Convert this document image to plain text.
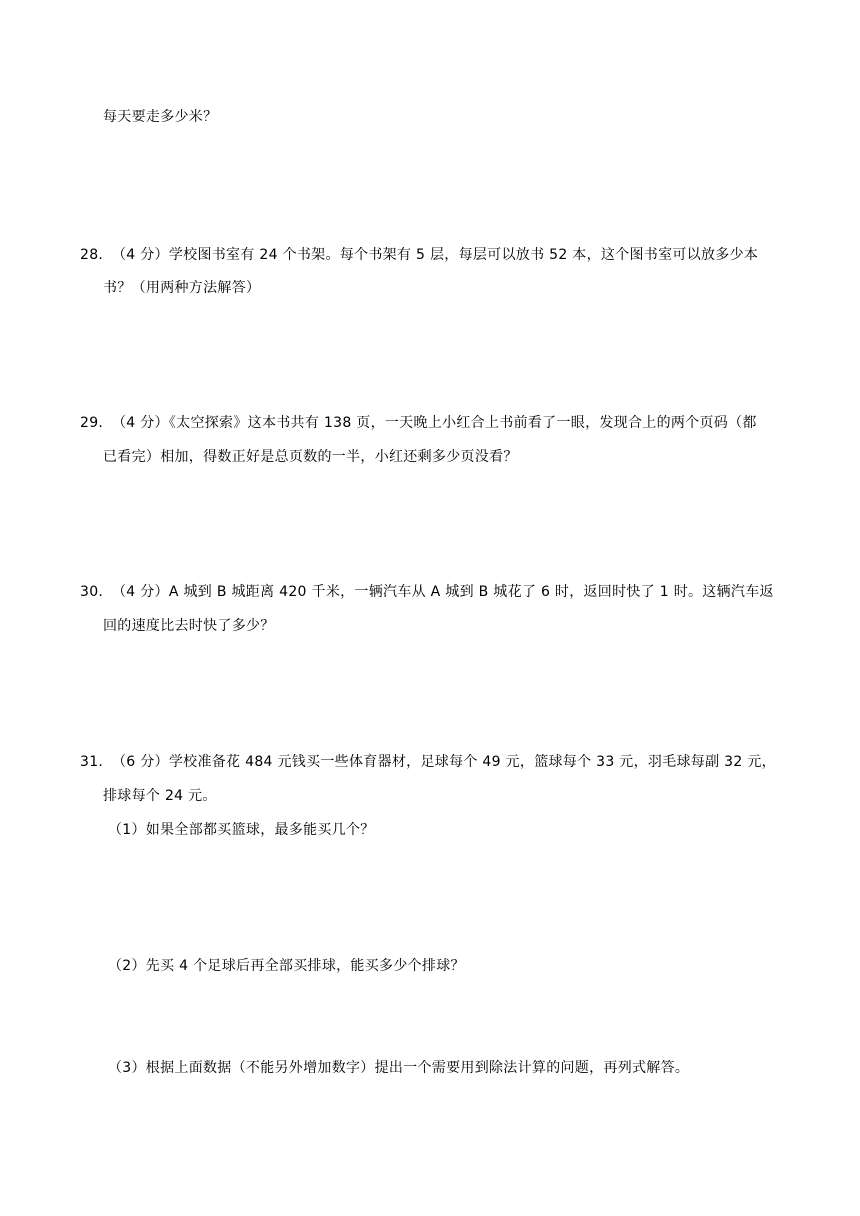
每天要走多少米？
28. （4 分）学校图书室有 24 个书架。每个书架有 5 层，每层可以放书 52 本，这个图书室可以放多少本
书？（用两种方法解答）
29. （4 分）《太空探索》这本书共有 138 页，一天晚上小红合上书前看了一眼，发现合上的两个页码（都
已看完）相加，得数正好是总页数的一半，小红还剩多少页没看？
30. （4 分）A 城到 B 城距离 420 千米，一辆汽车从 A 城到 B 城花了 6 时，返回时快了 1 时。这辆汽车返
回的速度比去时快了多少？
31. （6 分）学校准备花 484 元钱买一些体育器材，足球每个 49 元，篮球每个 33 元，羽毛球每副 32 元，
排球每个 24 元。
（1）如果全部都买篮球，最多能买几个？
（2）先买 4 个足球后再全部买排球，能买多少个排球？
（3）根据上面数据（不能另外增加数字）提出一个需要用到除法计算的问题，再列式解答。
